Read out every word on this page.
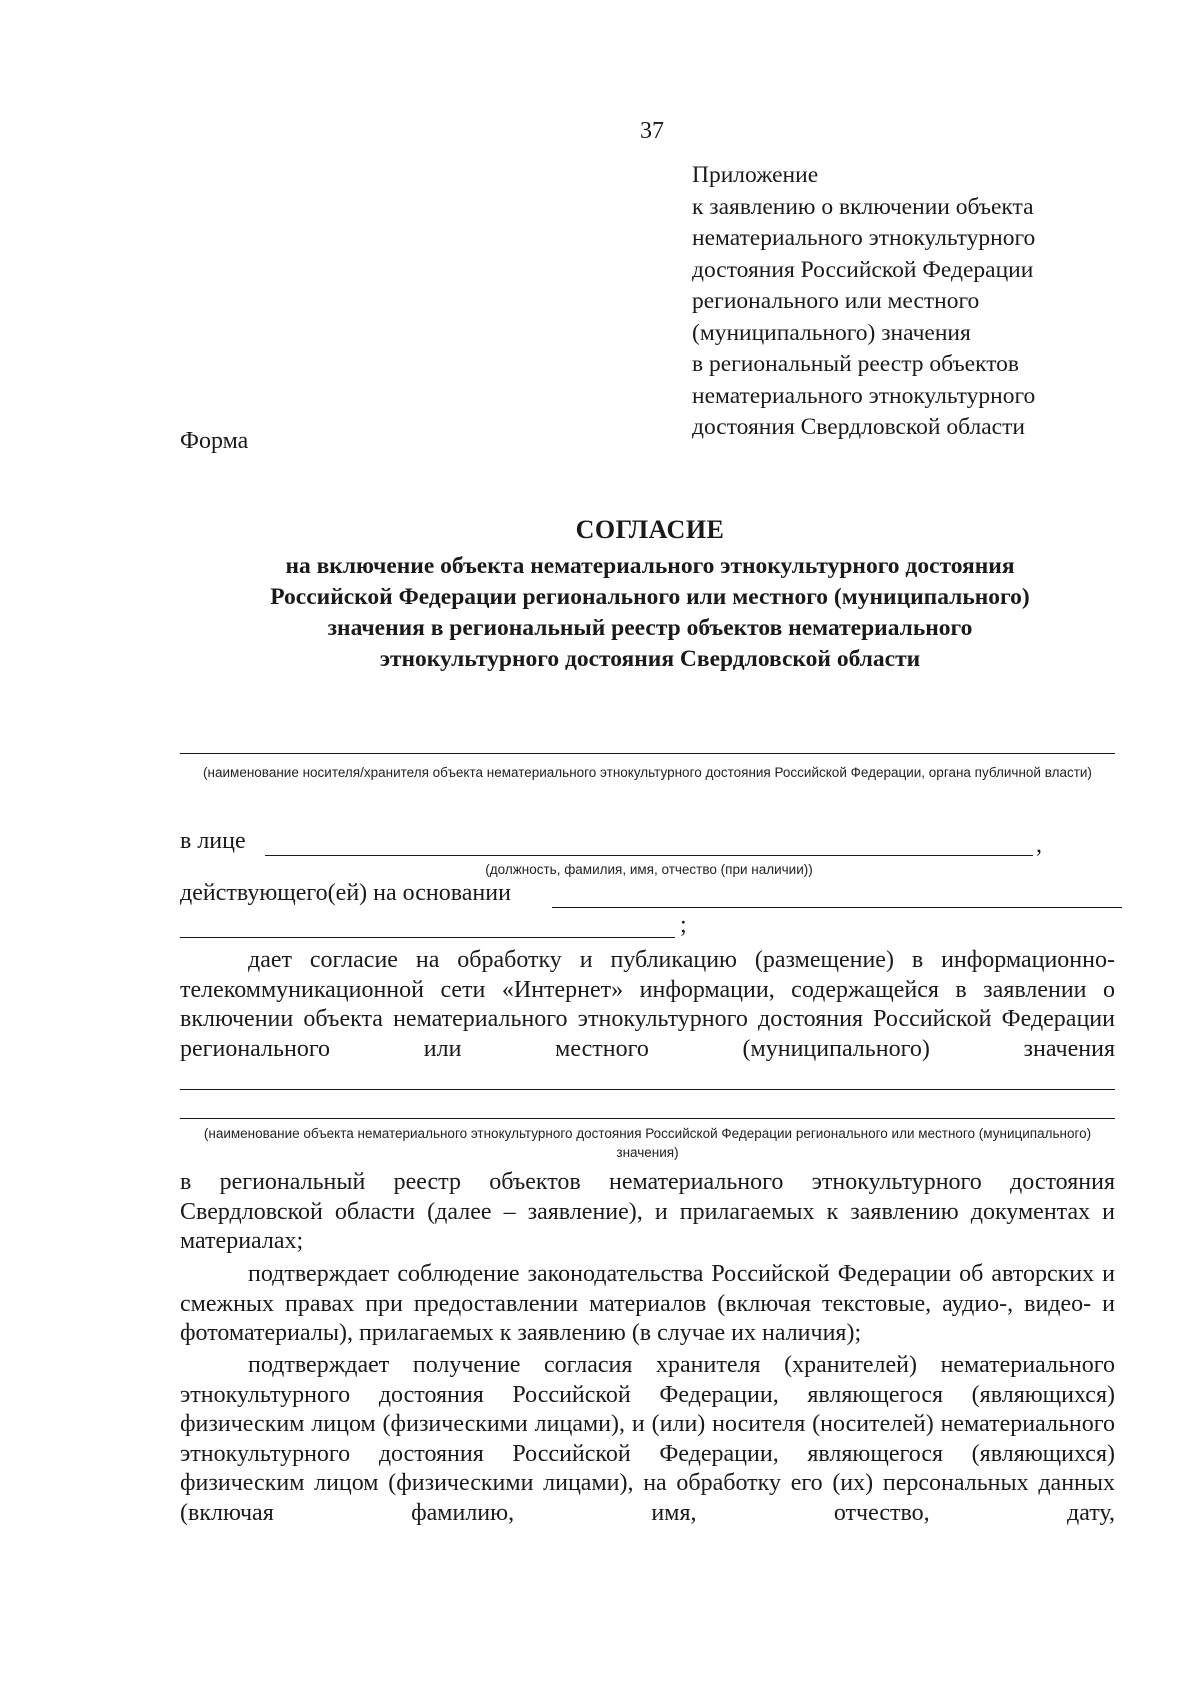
37
Приложение
к заявлению о включении объекта
нематериального этнокультурного
достояния Российской Федерации
регионального или местного
(муниципального) значения
в региональный реестр объектов
нематериального этнокультурного
достояния Свердловской области
Форма
СОГЛАСИЕ
на включение объекта нематериального этнокультурного достояния
Российской Федерации регионального или местного (муниципального)
значения в региональный реестр объектов нематериального
этнокультурного достояния Свердловской области
(наименование носителя/хранителя объекта нематериального этнокультурного достояния Российской Федерации, органа публичной власти)
в лице	,
(должность, фамилия, имя, отчество (при наличии))
действующего(ей) на основании
;
дает согласие на обработку и публикацию (размещение) в информационно-телекоммуникационной сети «Интернет» информации, содержащейся в заявлении о включении объекта нематериального этнокультурного достояния Российской Федерации регионального или местного (муниципального) значения
(наименование объекта нематериального этнокультурного достояния Российской Федерации регионального или местного (муниципального) значения)
в региональный реестр объектов нематериального этнокультурного достояния Свердловской области (далее – заявление), и прилагаемых к заявлению документах и материалах;
подтверждает соблюдение законодательства Российской Федерации об авторских и смежных правах при предоставлении материалов (включая текстовые, аудио-, видео- и фотоматериалы), прилагаемых к заявлению (в случае их наличия);
подтверждает получение согласия хранителя (хранителей) нематериального этнокультурного достояния Российской Федерации, являющегося (являющихся) физическим лицом (физическими лицами), и (или) носителя (носителей) нематериального этнокультурного достояния Российской Федерации, являющегося (являющихся) физическим лицом (физическими лицами), на обработку его (их) персональных данных (включая фамилию, имя, отчество, дату,
